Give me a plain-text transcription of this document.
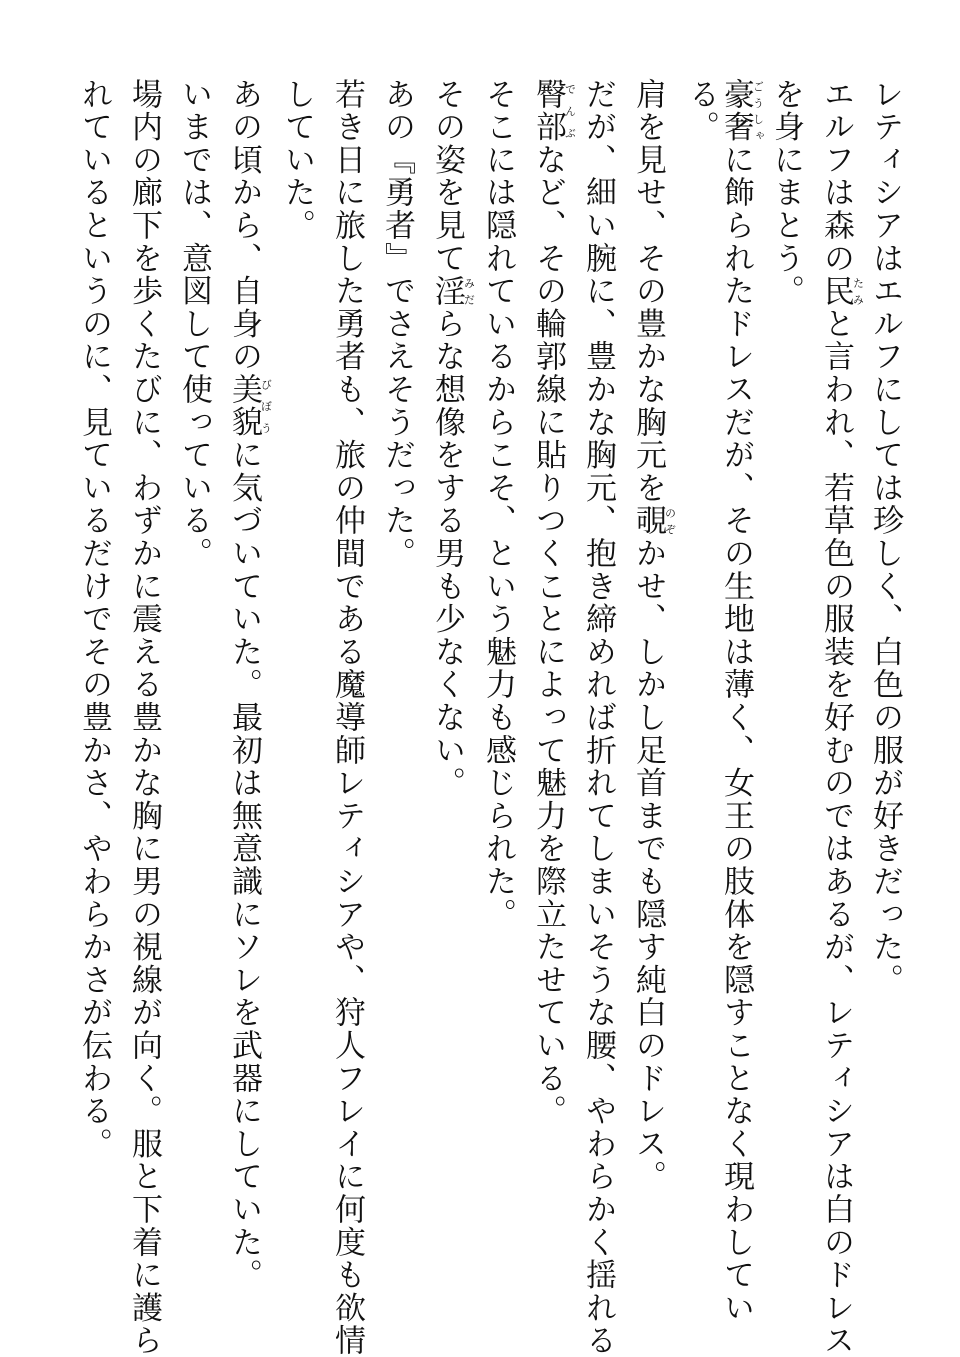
レティシアはエルフにしては珍しく、白色の服が好きだった。
エルフは森の民たみと言われ、若草色の服装を好むのではあるが、レティシアは白のドレス
を身にまとう。
豪奢ごうしゃに飾られたドレスだが、その生地は薄く、女王の肢体を隠すことなく現わしてい
る。
肩を見せ、その豊かな胸元を覗のぞかせ、しかし足首までも隠す純白のドレス。
だが、細い腕に、豊かな胸元、抱き締めれば折れてしまいそうな腰、やわらかく揺れる
臀部でんぶなど、その輪郭線に貼りつくことによって魅力を際立たせている。
そこには隠れているからこそ、という魅力も感じられた。
その姿を見て淫みだらな想像をする男も少なくない。
あの『勇者』でさえそうだった。
若き日に旅した勇者も、旅の仲間である魔導師レティシアや、狩人フレイに何度も欲情
していた。
あの頃から、自身の美貌びぼうに気づいていた。最初は無意識にソレを武器にしていた。
いまでは、意図して使っている。
場内の廊下を歩くたびに、わずかに震える豊かな胸に男の視線が向く。服と下着に護ら
れているというのに、見ているだけでその豊かさ、やわらかさが伝わる。
